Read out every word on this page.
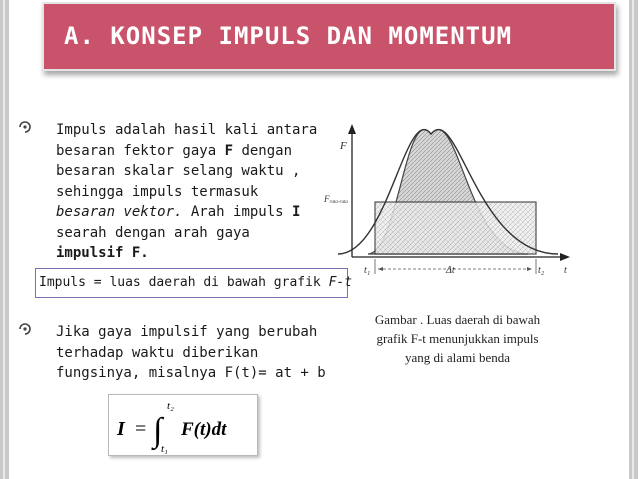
A. KONSEP IMPULS DAN MOMENTUM
Impuls adalah hasil kali antara
besaran fektor gaya F dengan
besaran skalar selang waktu ,
sehingga impuls termasuk
besaran vektor. Arah impuls I
searah dengan arah gaya
impulsif F.
Impuls = luas daerah di bawah grafik F-t
Jika gaya impulsif yang berubah
terhadap waktu diberikan
fungsinya, misalnya F(t)= at + b
I = ∫
t₂
t₁
F(t)dt
F
Frata-rata
t₁	Δt	t₂ t
Gambar . Luas daerah di bawah
grafik F-t menunjukkan impuls
yang di alami benda
